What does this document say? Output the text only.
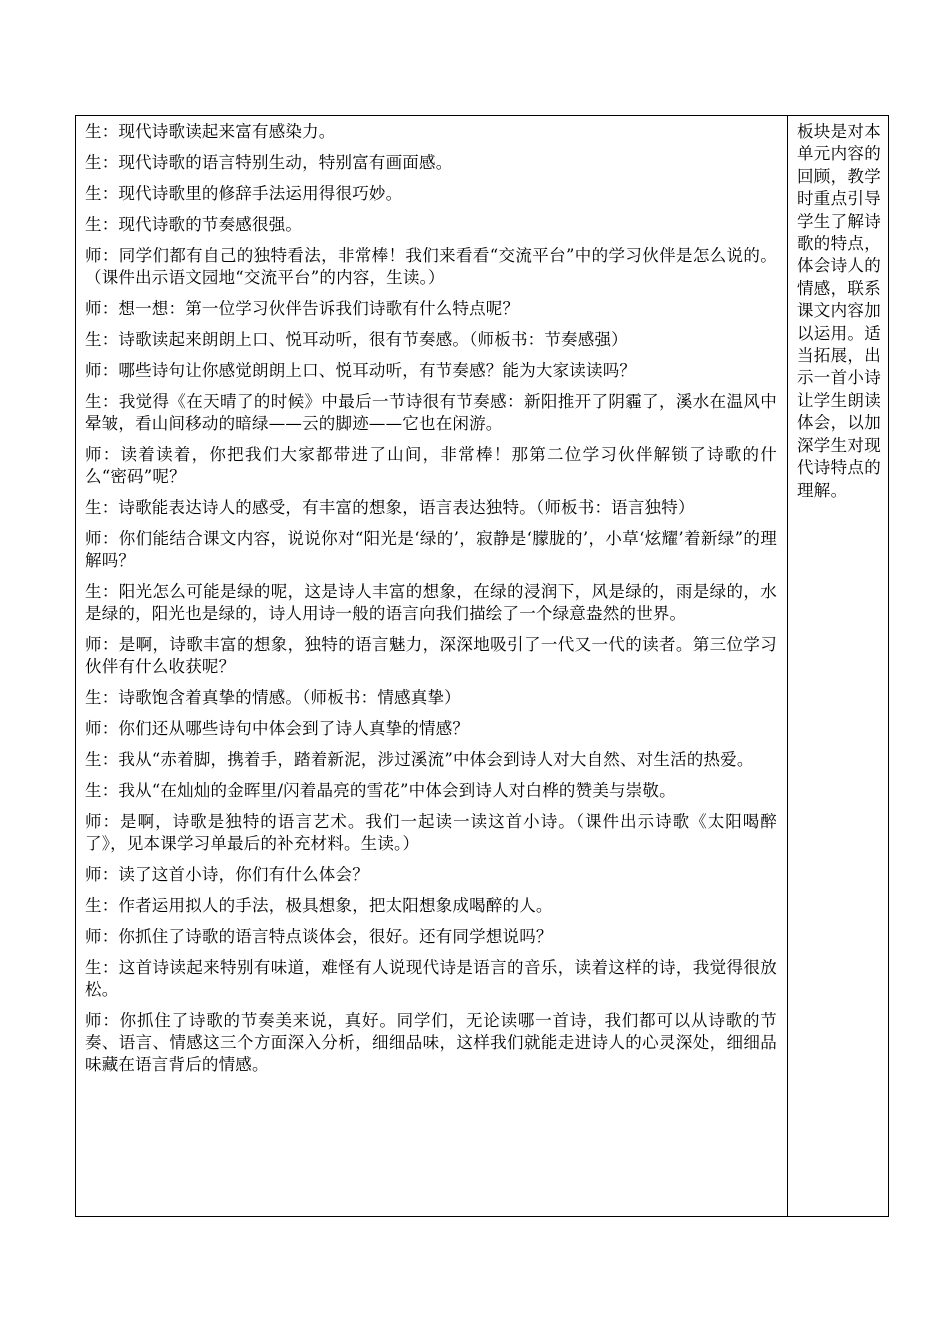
生：现代诗歌读起来富有感染力。

生：现代诗歌的语言特别生动，特别富有画面感。

生：现代诗歌里的修辞手法运用得很巧妙。

生：现代诗歌的节奏感很强。

师：同学们都有自己的独特看法，非常棒！我们来看看“交流平台”中的学习伙伴是怎么说的。（课件出示语文园地“交流平台”的内容，生读。）

师：想一想：第一位学习伙伴告诉我们诗歌有什么特点呢？

生：诗歌读起来朗朗上口、悦耳动听，很有节奏感。（师板书：节奏感强）

师：哪些诗句让你感觉朗朗上口、悦耳动听，有节奏感？能为大家读读吗？

生：我觉得《在天晴了的时候》中最后一节诗很有节奏感：新阳推开了阴霾了，溪水在温风中晕皱，看山间移动的暗绿——云的脚迹——它也在闲游。

师：读着读着，你把我们大家都带进了山间，非常棒！那第二位学习伙伴解锁了诗歌的什么“密码”呢？

生：诗歌能表达诗人的感受，有丰富的想象，语言表达独特。（师板书：语言独特）

师：你们能结合课文内容，说说你对“阳光是‘绿的’，寂静是‘朦胧的’，小草‘炫耀’着新绿”的理解吗？

生：阳光怎么可能是绿的呢，这是诗人丰富的想象，在绿的浸润下，风是绿的，雨是绿的，水是绿的，阳光也是绿的，诗人用诗一般的语言向我们描绘了一个绿意盎然的世界。

师：是啊，诗歌丰富的想象，独特的语言魅力，深深地吸引了一代又一代的读者。第三位学习伙伴有什么收获呢？

生：诗歌饱含着真挚的情感。（师板书：情感真挚）

师：你们还从哪些诗句中体会到了诗人真挚的情感？

生：我从“赤着脚，携着手，踏着新泥，涉过溪流”中体会到诗人对大自然、对生活的热爱。

生：我从“在灿灿的金晖里/闪着晶亮的雪花”中体会到诗人对白桦的赞美与崇敬。

师：是啊，诗歌是独特的语言艺术。我们一起读一读这首小诗。（课件出示诗歌《太阳喝醉了》，见本课学习单最后的补充材料。生读。）

师：读了这首小诗，你们有什么体会？

生：作者运用拟人的手法，极具想象，把太阳想象成喝醉的人。

师：你抓住了诗歌的语言特点谈体会，很好。还有同学想说吗？

生：这首诗读起来特别有味道，难怪有人说现代诗是语言的音乐，读着这样的诗，我觉得很放松。

师：你抓住了诗歌的节奏美来说，真好。同学们，无论读哪一首诗，我们都可以从诗歌的节奏、语言、情感这三个方面深入分析，细细品味，这样我们就能走进诗人的心灵深处，细细品味藏在语言背后的情感。

板块是对本单元内容的回顾，教学时重点引导学生了解诗歌的特点，体会诗人的情感，联系课文内容加以运用。适当拓展，出示一首小诗让学生朗读体会，以加深学生对现代诗特点的理解。
